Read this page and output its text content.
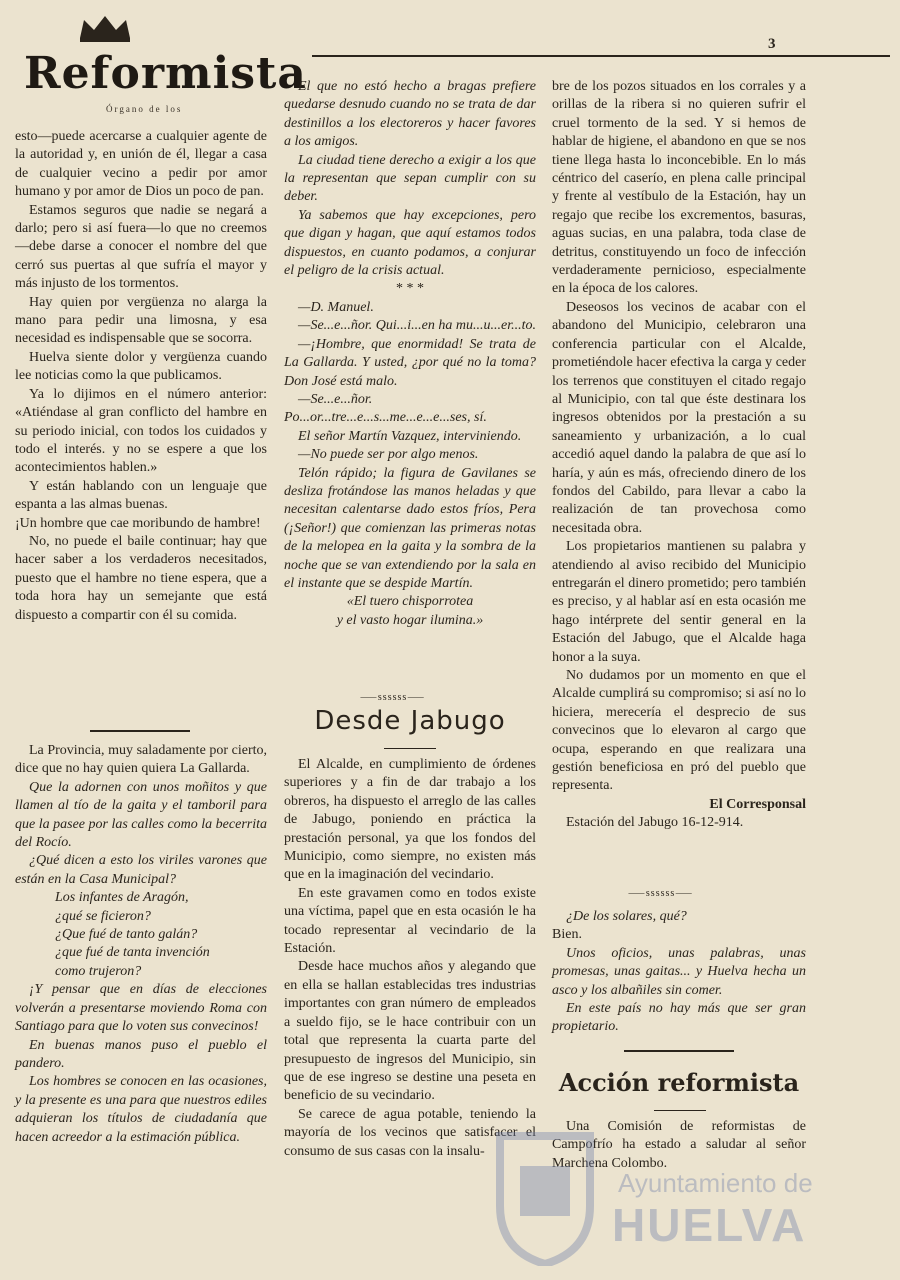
Reformista
Órgano de los
3

esto—puede acercarse a cualquier agente de la autoridad y, en unión de él, llegar a casa de cualquier vecino a pedir por amor humano y por amor de Dios un poco de pan.

Estamos seguros que nadie se negará a darlo; pero si así fuera—lo que no creemos—debe darse a conocer el nombre del que cerró sus puertas al que sufría el mayor y más injusto de los tormentos.

Hay quien por vergüenza no alarga la mano para pedir una limosna, y esa necesidad es indispensable que se socorra.

Huelva siente dolor y vergüenza cuando lee noticias como la que publicamos.

Ya lo dijimos en el número anterior: «Atiéndase al gran conflicto del hambre en su periodo inicial, con todos los cuidados y todo el interés. y no se espere a que los acontecimientos hablen.»

Y están hablando con un lenguaje que espanta a las almas buenas.

¡Un hombre que cae moribundo de hambre!

No, no puede el baile continuar; hay que hacer saber a los verdaderos necesitados, puesto que el hambre no tiene espera, que a toda hora hay un semejante que está dispuesto a compartir con él su comida.

La Provincia, muy saladamente por cierto, dice que no hay quien quiera La Gallarda.

Que la adornen con unos moñitos y que llamen al tío de la gaita y el tamboril para que la pasee por las calles como la becerrita del Rocío.

¿Qué dicen a esto los viriles varones que están en la Casa Municipal?

Los infantes de Aragón,

¿qué se ficieron?

¿Que fué de tanto galán?

¿que fué de tanta invención

como trujeron?

¡Y pensar que en días de elecciones volverán a presentarse moviendo Roma con Santiago para que lo voten sus convecinos!

En buenas manos puso el pueblo el pandero.

Los hombres se conocen en las ocasiones, y la presente es una para que nuestros ediles adquieran los títulos de ciudadanía que hacen acreedor a la estimación pública.

El que no estó hecho a bragas prefiere quedarse desnudo cuando no se trata de dar destinillos a los electoreros y hacer favores a los amigos.

La ciudad tiene derecho a exigir a los que la representan que sepan cumplir con su deber.

Ya sabemos que hay excepciones, pero que digan y hagan, que aquí estamos todos dispuestos, en cuanto podamos, a conjurar el peligro de la crisis actual.

* * *

—D. Manuel.

—Se...e...ñor. Qui...i...en ha mu...u...er...to.

—¡Hombre, que enormidad! Se trata de La Gallarda. Y usted, ¿por qué no la toma? Don José está malo.

—Se...e...ñor. Po...or...tre...e...s...me...e...e...ses, sí.

El señor Martín Vazquez, interviniendo.

—No puede ser por algo menos.

Telón rápido; la figura de Gavilanes se desliza frotándose las manos heladas y que necesitan calentarse dado estos fríos, Pera (¡Señor!) que comienzan las primeras notas de la melopea en la gaita y la sombra de la noche que se van extendiendo por la sala en el instante que se despide Martín.

«El tuero chisporrotea

y el vasto hogar ilumina.»

⸺ssssss⸺
Desde Jabugo

El Alcalde, en cumplimiento de órdenes superiores y a fin de dar trabajo a los obreros, ha dispuesto el arreglo de las calles de Jabugo, poniendo en práctica la prestación personal, ya que los fondos del Municipio, como siempre, no existen más que en la imaginación del vecindario.

En este gravamen como en todos existe una víctima, papel que en esta ocasión le ha tocado representar al vecindario de la Estación.

Desde hace muchos años y alegando que en ella se hallan establecidas tres industrias importantes con gran número de empleados a sueldo fijo, se le hace contribuir con un total que representa la cuarta parte del presupuesto de ingresos del Municipio, sin que de ese ingreso se destine una peseta en beneficio de su vecindario.

Se carece de agua potable, teniendo la mayoría de los vecinos que satisfacer el consumo de sus casas con la insalu-

bre de los pozos situados en los corrales y a orillas de la ribera si no quieren sufrir el cruel tormento de la sed. Y si hemos de hablar de higiene, el abandono en que se nos tiene llega hasta lo inconcebible. En lo más céntrico del caserío, en plena calle principal y frente al vestíbulo de la Estación, hay un regajo que recibe los excrementos, basuras, aguas sucias, en una palabra, toda clase de detritus, constituyendo un foco de infección verdaderamente pernicioso, especialmente en la época de los calores.

Deseosos los vecinos de acabar con el abandono del Municipio, celebraron una conferencia particular con el Alcalde, prometiéndole hacer efectiva la carga y ceder los terrenos que constituyen el citado regajo al Municipio, con tal que éste destinara los ingresos obtenidos por la prestación a su saneamiento y urbanización, a lo cual accedió aquel dando la palabra de que así lo haría, y aún es más, ofreciendo dinero de los fondos del Cabildo, para llevar a cabo la realización de tan provechosa como necesitada obra.

Los propietarios mantienen su palabra y atendiendo al aviso recibido del Municipio entregarán el dinero prometido; pero también es preciso, y al hablar así en esta ocasión me hago intérprete del sentir general en la Estación del Jabugo, que el Alcalde haga honor a la suya.

No dudamos por un momento en que el Alcalde cumplirá su compromiso; si así no lo hiciera, merecería el desprecio de sus convecinos que lo elevaron al cargo que ocupa, esperando en que realizara una gestión beneficiosa en pró del pueblo que representa.

El Corresponsal

Estación del Jabugo 16-12-914.

⸺ssssss⸺

¿De los solares, qué?

Bien.

Unos oficios, unas palabras, unas promesas, unas gaitas... y Huelva hecha un asco y los albañiles sin comer.

En este país no hay más que ser gran propietario.

Acción reformista

Una Comisión de reformistas de Campofrío ha estado a saludar al señor Marchena Colombo.

Ayuntamiento de
HUELVA
